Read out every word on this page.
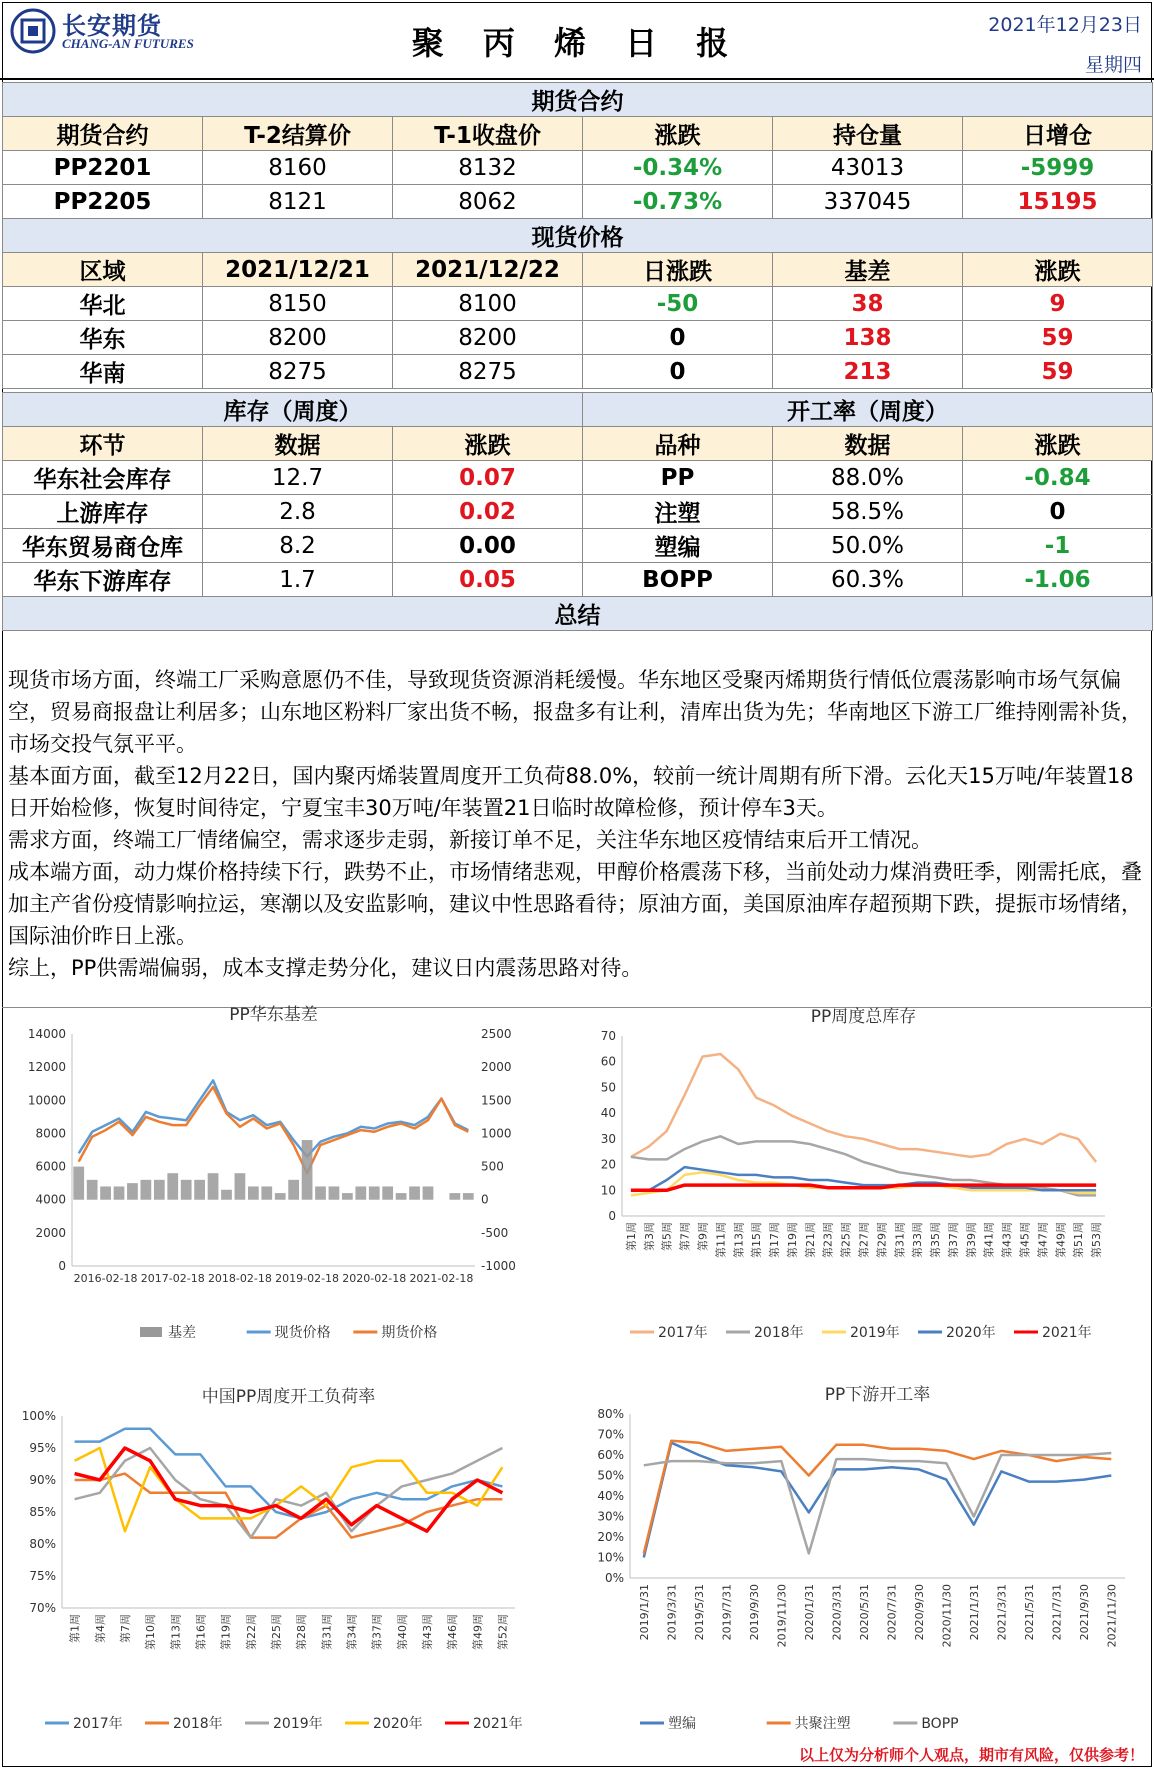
长安期货
CHANG-AN FUTURES	聚 丙 烯 日 报	2021年12月23日
星期四
期货合约					
期货合约	T-2结算价	T-1收盘价	涨跌	持仓量	日增仓
PP2201	8160	8132	-0.34%	43013	-5999
PP2205	8121	8062	-0.73%	337045	15195
现货价格					
区域	2021/12/21	2021/12/22	日涨跌	基差	涨跌
华北	8150	8100	-50	38	9
华东	8200	8200	0	138	59
华南	8275	8275	0	213	59
库存（周度）			开工率（周度）		
环节	数据	涨跌	品种	数据	涨跌
华东社会库存	12.7	0.07	PP	88.0%	-0.84
上游库存	2.8	0.02	注塑	58.5%	0
华东贸易商仓库	8.2	0.00	塑编	50.0%	-1
华东下游库存	1.7	0.05	BOPP	60.3%	-1.06
总结					

现货市场方面，终端工厂采购意愿仍不佳，导致现货资源消耗缓慢。华东地区受聚丙烯期货行情低位震荡影响市场气氛偏空，贸易商报盘让利居多；山东地区粉料厂家出货不畅，报盘多有让利，清库出货为先；华南地区下游工厂维持刚需补货，市场交投气氛平平。

基本面方面，截至12月22日，国内聚丙烯装置周度开工负荷88.0%，较前一统计周期有所下滑。云化天15万吨/年装置18日开始检修，恢复时间待定，宁夏宝丰30万吨/年装置21日临时故障检修，预计停车3天。

需求方面，终端工厂情绪偏空，需求逐步走弱，新接订单不足，关注华东地区疫情结束后开工情况。

成本端方面，动力煤价格持续下行，跌势不止，市场情绪悲观，甲醇价格震荡下移，当前处动力煤消费旺季，刚需托底，叠加主产省份疫情影响拉运，寒潮以及安监影响，建议中性思路看待；原油方面，美国原油库存超预期下跌，提振市场情绪，国际油价昨日上涨。

综上，PP供需端偏弱，成本支撑走势分化，建议日内震荡思路对待。

PP华东基差
14000
12000
10000
8000
6000
4000
2000
0
2500
2000
1500
1000
500
0
-500
-1000
2016-02-18 2017-02-18 2018-02-18 2019-02-18 2020-02-18 2021-02-18
基差	现货价格	期货价格
PP周度总库存
70
60
50
40
30
20
10
0
第1周 第3周 第5周 第7周 第9周 第11周 第13周 第15周 第17周 第19周 第21周 第23周 第25周 第27周 第29周 第31周 第33周 第35周 第37周 第39周 第41周 第43周 第45周 第47周 第49周 第51周 第53周
2017年	2018年	2019年	2020年	2021年
中国PP周度开工负荷率
100%
95%
90%
85%
80%
75%
70%
第1周 第4周 第7周 第10周 第13周 第16周 第19周 第22周 第25周 第28周 第31周 第34周 第37周 第40周 第43周 第46周 第49周 第52周
2017年	2018年	2019年	2020年	2021年
PP下游开工率
80%
70%
60%
50%
40%
30%
20%
10%
0%
2019/1/31 2019/3/31 2019/5/31 2019/7/31 2019/9/30 2019/11/30 2020/1/31 2020/3/31 2020/5/31 2020/7/31 2020/9/30 2020/11/30 2021/1/31 2021/3/31 2021/5/31 2021/7/31 2021/9/30 2021/11/30
塑编	共聚注塑	BOPP
以上仅为分析师个人观点，期市有风险，仅供参考！
